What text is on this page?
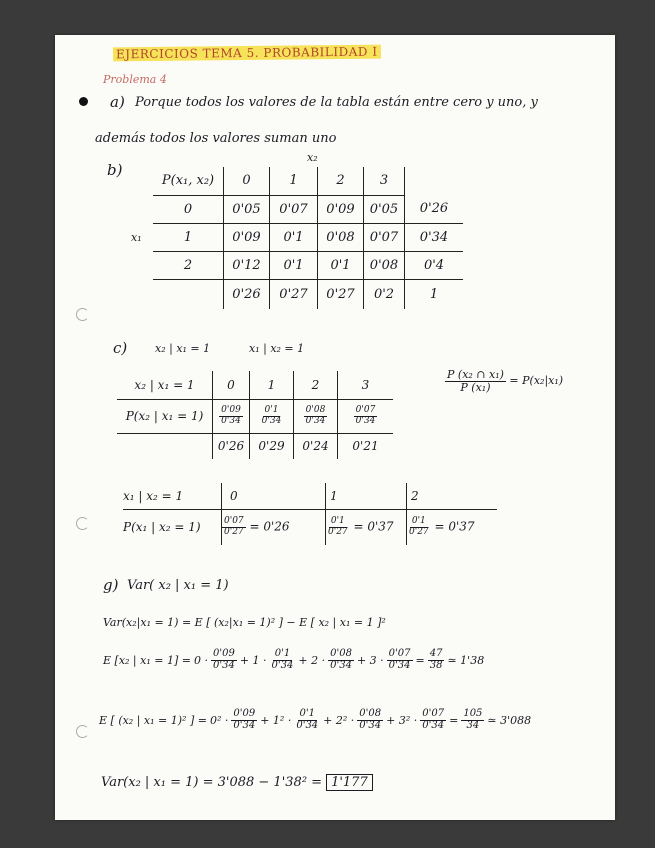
EJERCICIOS TEMA 5. PROBABILIDAD I
Problema 4
a) Porque todos los valores de la tabla están entre cero y uno, y
además todos los valores suman uno
b)
x₂
x₁
P(x₁, x₂)	0	1	2	3	
0	0'05	0'07	0'09	0'05	0'26
1	0'09	0'1	0'08	0'07	0'34
2	0'12	0'1	0'1	0'08	0'4
	0'26	0'27	0'27	0'2	1
c)	x₂ | x₁ = 1	x₁ | x₂ = 1
$\frac{\text{P (x₂ ∩ x₁)}}{\text{P (x₁)}} = P(x_2|x_1)$
x₂ | x₁ = 1	0	1	2	3
P(x₂ | x₁ = 1)	$\frac{0'09}{0'34}$	$\frac{0'1}{0'34}$	$\frac{0'08}{0'34}$	$\frac{0'07}{0'34}$

	0'26	0'29	0'24	0'21
x₁ | x₂ = 1	0	1	2
P(x₁ | x₂ = 1)	$\frac{0'07}{0'27} = 0'26$	$\frac{0'1}{0'27} = 0'37$	$\frac{0'1}{0'27} = 0'37$
g) Var( x₂ | x₁ = 1)
Var(x₂|x₁ = 1) = E [ (x₂|x₁ = 1)² ] − E [ x₂ | x₁ = 1 ]²
E [x₂ | $x_1 = 1] = 0 \cdot \frac{0'09}{0'34} + 1 \cdot \frac{0'1}{0'34} + 2 \cdot \frac{0'08}{0'34} + 3 \cdot \frac{0'07}{0'34} = \frac{47}{38}$ ≃ 1'38
E [ (x₂ | x₁ = 1)² ] = $0^2 \cdot \frac{0'09}{0'34} + 1^2 \cdot \frac{0'1}{0'34} + 2^2 \cdot \frac{0'08}{0'34} + 3^2 \cdot \frac{0'07}{0'34} = \frac{105}{34}$ ≃ 3'088
Var(x₂ | x₁ = 1) = 3'088 − 1'38² = 1'177
